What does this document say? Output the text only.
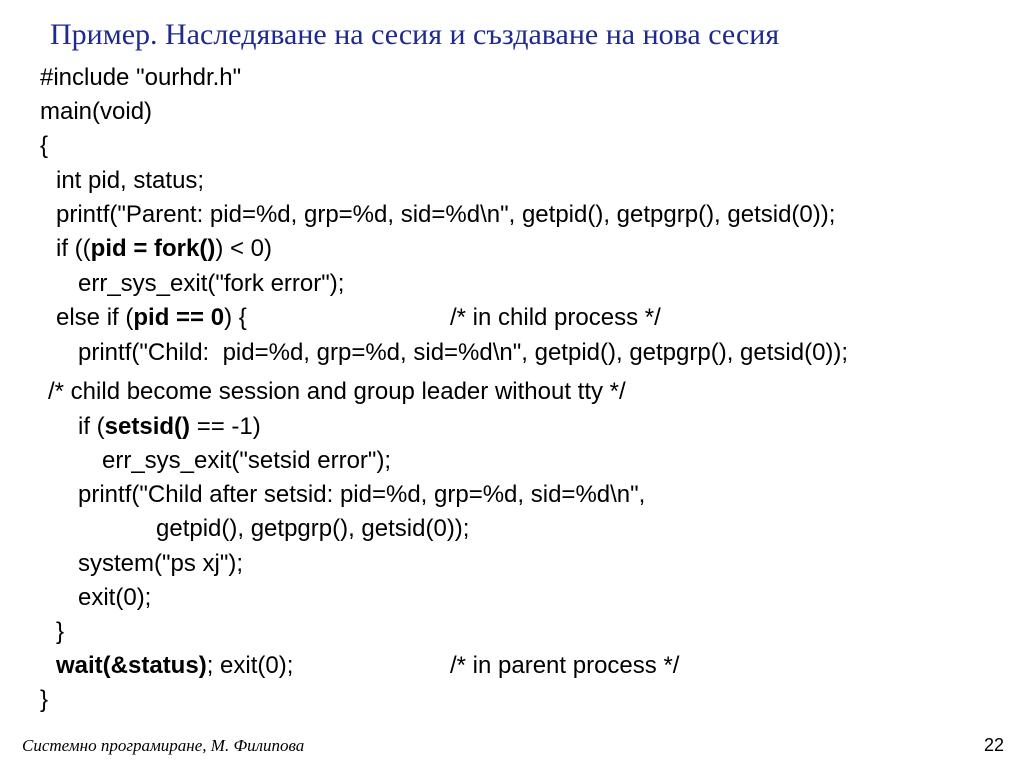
Пример. Наследяване на сесия и създаване на нова сесия
#include "ourhdr.h"
main(void)
{
int pid, status;
printf("Parent: pid=%d, grp=%d, sid=%d\n", getpid(), getpgrp(), getsid(0));
if ((pid = fork()) < 0)
err_sys_exit("fork error");
else if (pid == 0) {	/* in child process */
printf("Child:  pid=%d, grp=%d, sid=%d\n", getpid(), getpgrp(), getsid(0));
/* child become session and group leader without tty */
if (setsid() == -1)
err_sys_exit("setsid error");
printf("Child after setsid: pid=%d, grp=%d, sid=%d\n",
getpid(), getpgrp(), getsid(0));
system("ps xj");
exit(0);
}
wait(&status); exit(0);	/* in parent process */
}
Системно програмиране, М. Филипова	22
